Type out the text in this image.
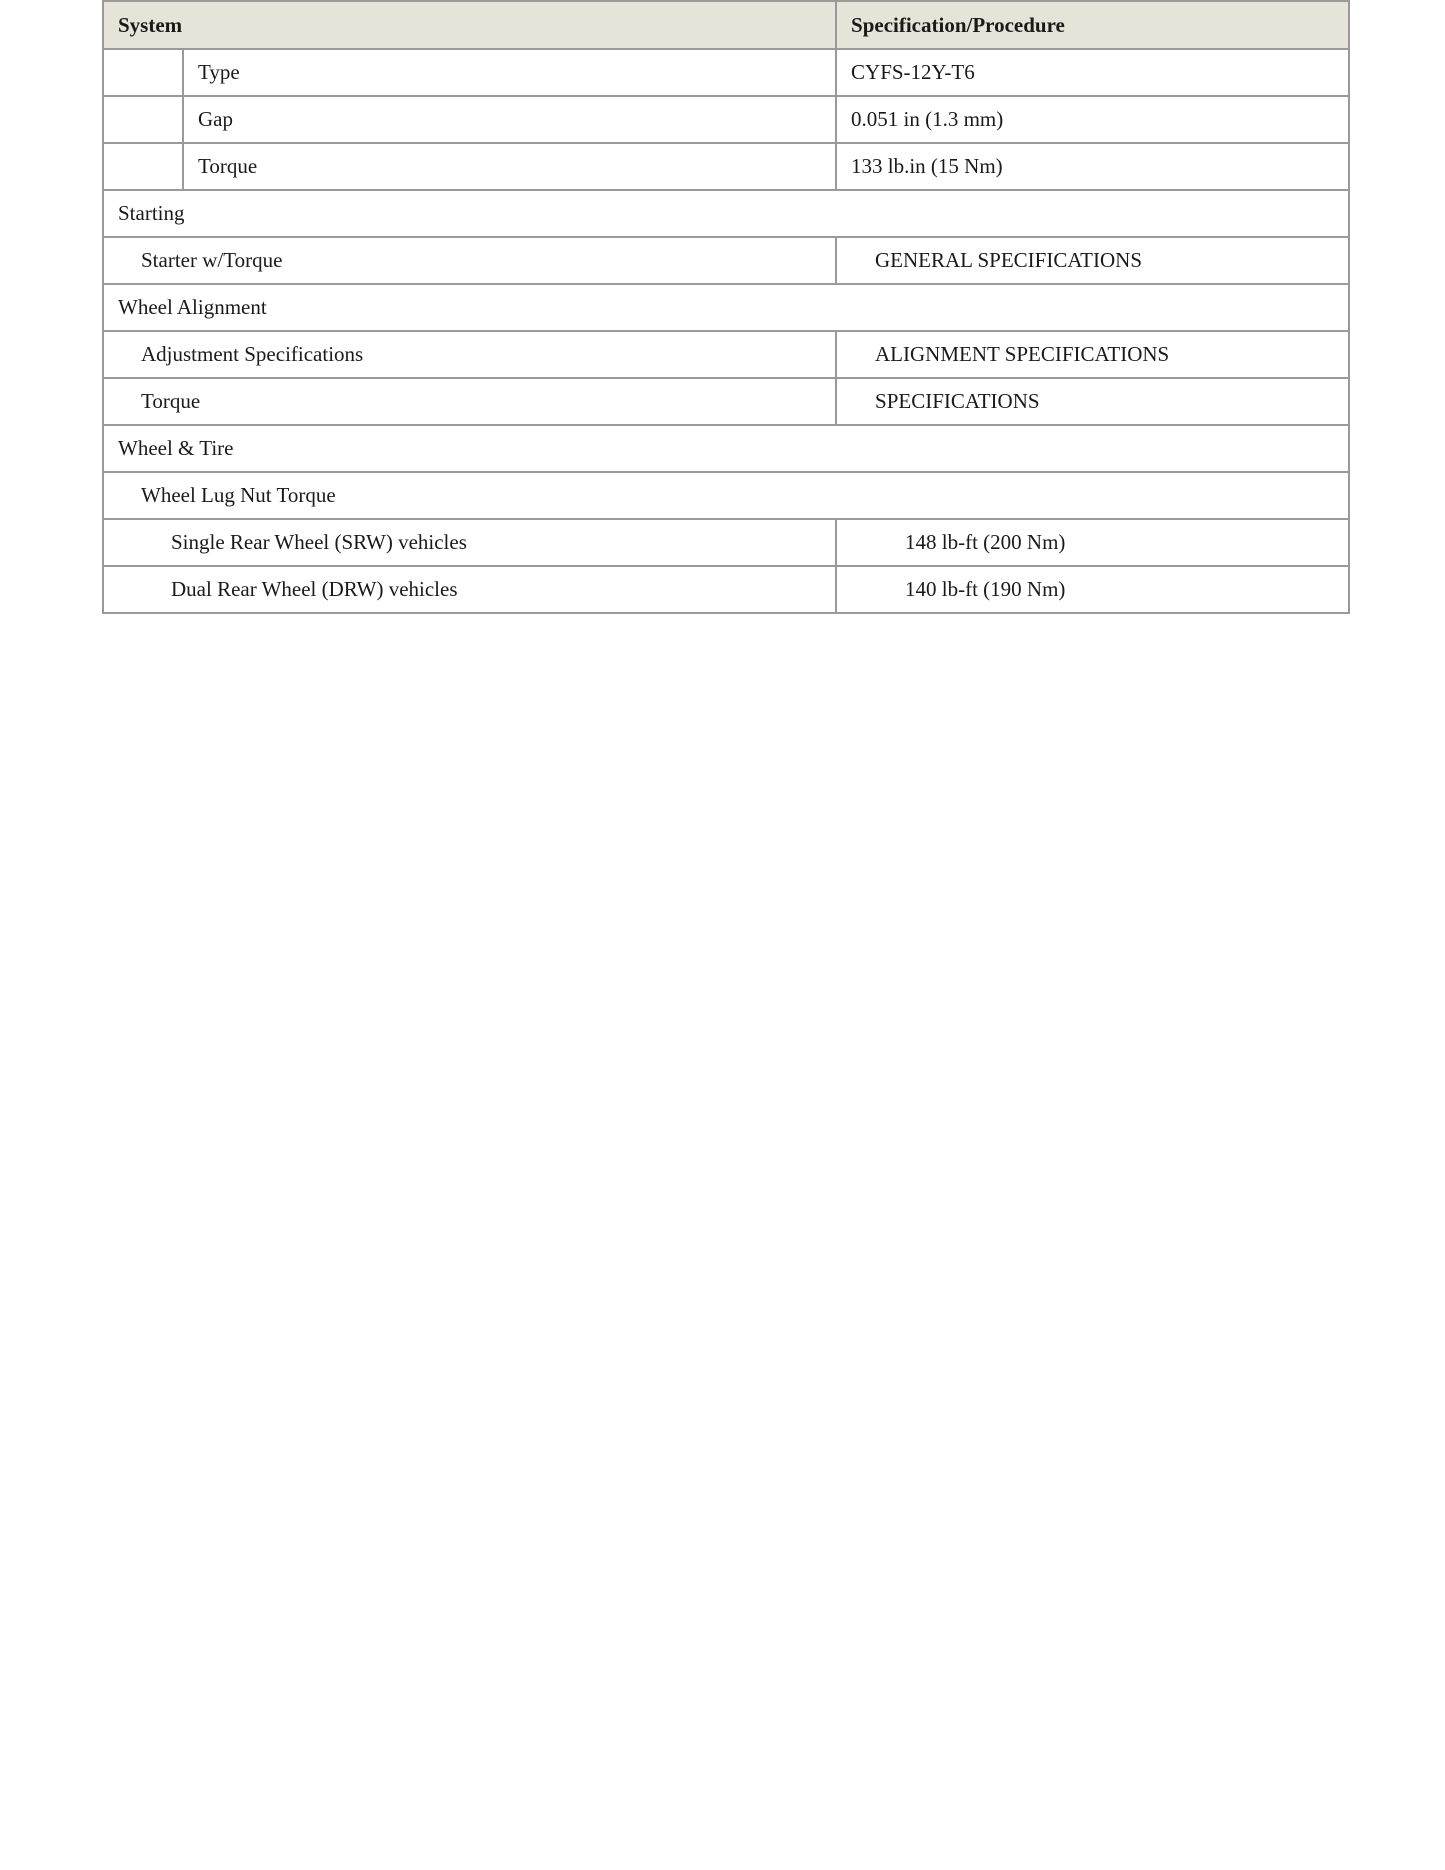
System		Specification/Procedure
	Type	CYFS-12Y-T6
	Gap	0.051 in (1.3 mm)
	Torque	133 lb.in (15 Nm)
Starting		
Starter w/Torque		GENERAL SPECIFICATIONS
Wheel Alignment		
Adjustment Specifications		ALIGNMENT SPECIFICATIONS
Torque		SPECIFICATIONS
Wheel & Tire		
Wheel Lug Nut Torque		
Single Rear Wheel (SRW) vehicles		148 lb-ft (200 Nm)
Dual Rear Wheel (DRW) vehicles		140 lb-ft (190 Nm)
